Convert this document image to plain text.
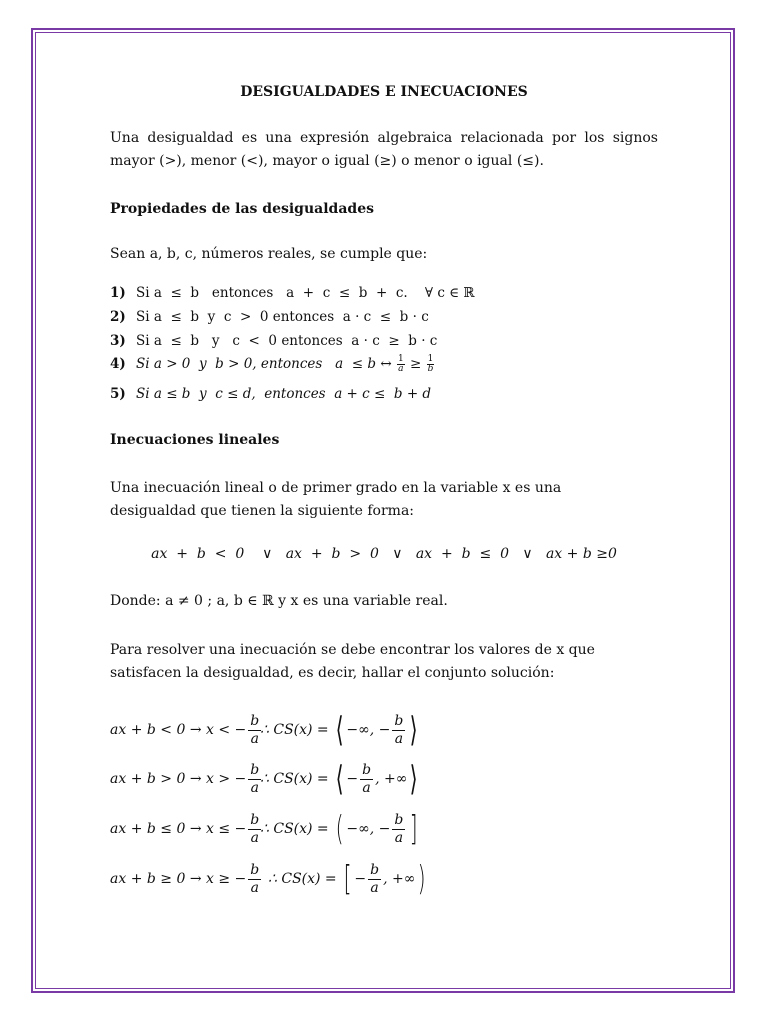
DESIGUALDADES E INECUACIONES
Una desigualdad es una expresión algebraica relacionada por los signos mayor (>), menor (<), mayor o igual (≥) o menor o igual (≤).
Propiedades de las desigualdades
Sean a, b, c, números reales, se cumple que:
1) Si a  ≤  b   entonces   a  +  c  ≤  b  +  c.    ∀ c ∈ ℝ
2) Si a  ≤  b  y  c  >  0 entonces  a · c  ≤  b · c
3) Si a  ≤  b   y   c  <  0 entonces  a · c  ≥  b · c
4) Si a > 0  y  b > 0, entonces   a  ≤ b ↔ $\frac{1}{a} \ge \frac{1}{b}$
5) Si a ≤ b  y  c ≤ d,  entonces  a + c ≤  b + d
Inecuaciones lineales
Una inecuación lineal o de primer grado en la variable x es una desigualdad que tienen la siguiente forma:
ax  +  b  <  0    ∨   ax  +  b  >  0   ∨   ax  +  b  ≤  0   ∨   ax + b ≥0
Donde: a ≠ 0 ; a, b ∈ ℝ y x es una variable real.
Para resolver una inecuación se debe encontrar los valores de x que satisfacen la desigualdad, es decir, hallar el conjunto solución:
ax + b < 0 → x < − $\frac{b}{a}$
∴ CS(x) = ⟨ −∞, − $\frac{b}{a}$ ⟩
ax + b > 0 → x > − $\frac{b}{a}$
∴ CS(x) = ⟨ − $\frac{b}{a}$ , +∞ ⟩
ax + b ≤ 0 → x ≤ − $\frac{b}{a}$
∴ CS(x) = ( −∞, − $\frac{b}{a}$ ]
ax + b ≥ 0 → x ≥ − $\frac{b}{a}$ ∴ CS(x) = [ − $\frac{b}{a}$ , +∞ )
